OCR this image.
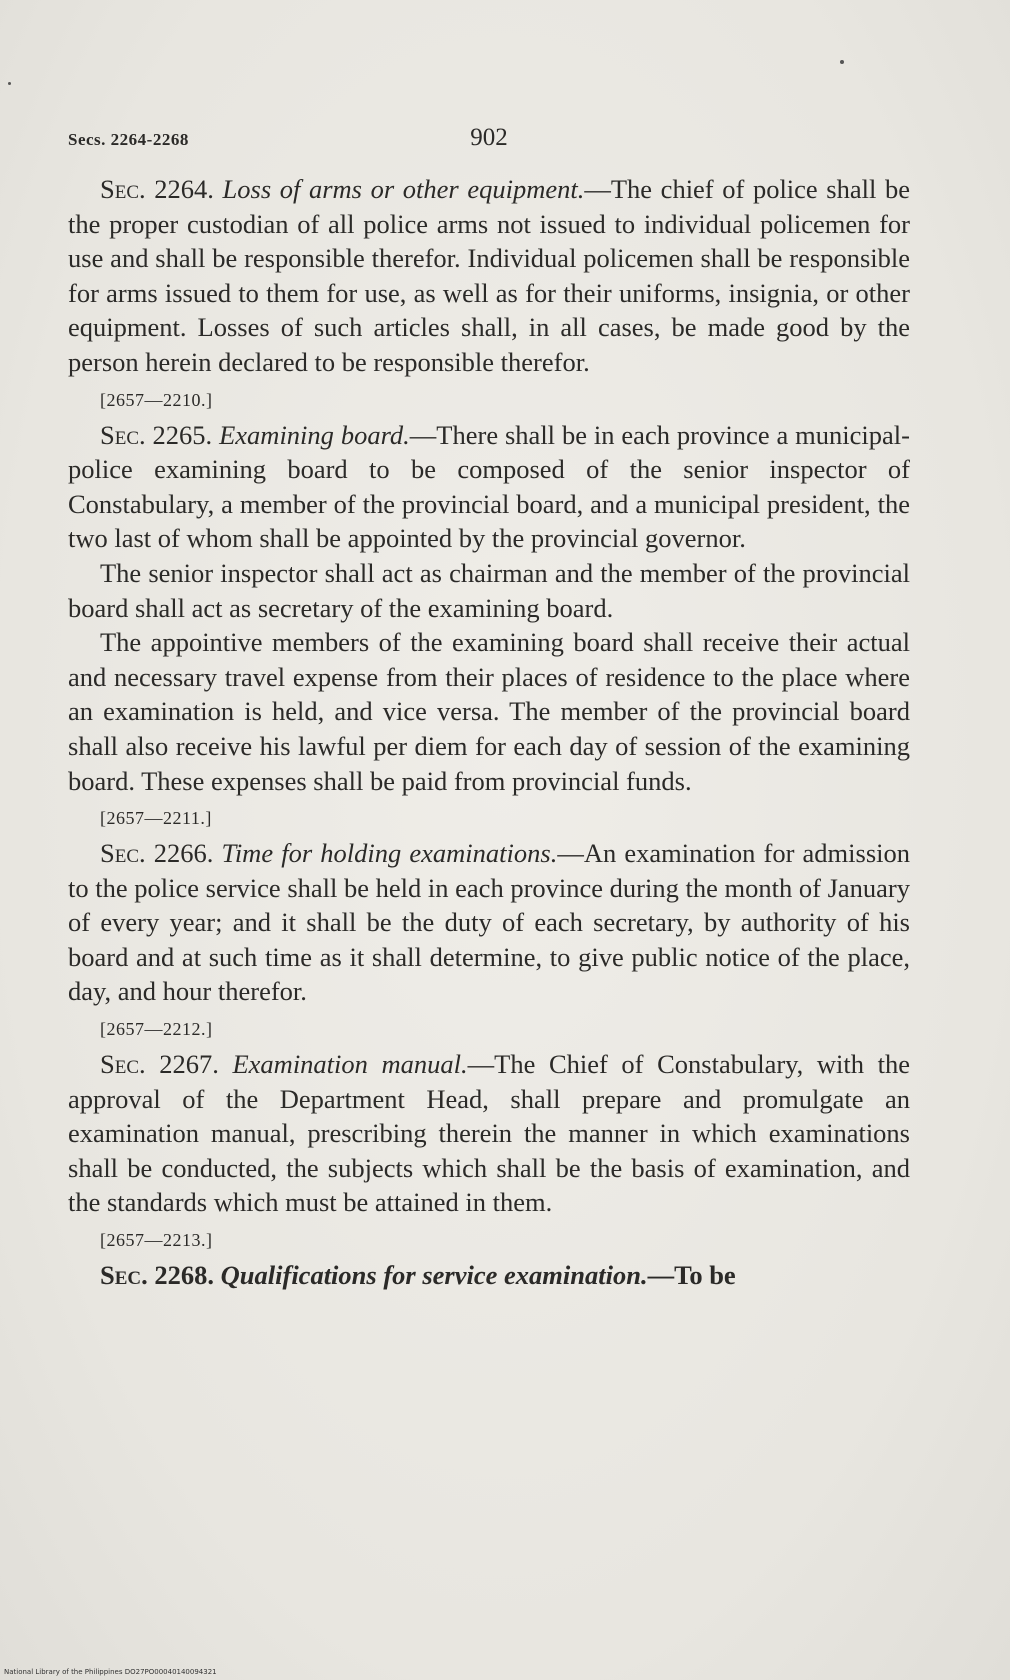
Secs. 2264-2268	902

Sec. 2264. Loss of arms or other equipment.—The chief of police shall be the proper custodian of all police arms not issued to individual policemen for use and shall be responsible therefor. Individual policemen shall be responsible for arms issued to them for use, as well as for their uniforms, insignia, or other equipment. Losses of such articles shall, in all cases, be made good by the person herein declared to be responsible therefor.

[2657—2210.]

Sec. 2265. Examining board.—There shall be in each province a municipal-police examining board to be composed of the senior inspector of Constabulary, a member of the provincial board, and a municipal president, the two last of whom shall be appointed by the provincial governor.

The senior inspector shall act as chairman and the member of the provincial board shall act as secretary of the examining board.

The appointive members of the examining board shall receive their actual and necessary travel expense from their places of residence to the place where an examination is held, and vice versa. The member of the provincial board shall also receive his lawful per diem for each day of session of the examining board. These expenses shall be paid from provincial funds.

[2657—2211.]

Sec. 2266. Time for holding examinations.—An examination for admission to the police service shall be held in each province during the month of January of every year; and it shall be the duty of each secretary, by authority of his board and at such time as it shall determine, to give public notice of the place, day, and hour therefor.

[2657—2212.]

Sec. 2267. Examination manual.—The Chief of Constabulary, with the approval of the Department Head, shall prepare and promulgate an examination manual, prescribing therein the manner in which examinations shall be conducted, the subjects which shall be the basis of examination, and the standards which must be attained in them.

[2657—2213.]

Sec. 2268. Qualifications for service examination.—To be

National Library of the Philippines DO27PO00040140094321
